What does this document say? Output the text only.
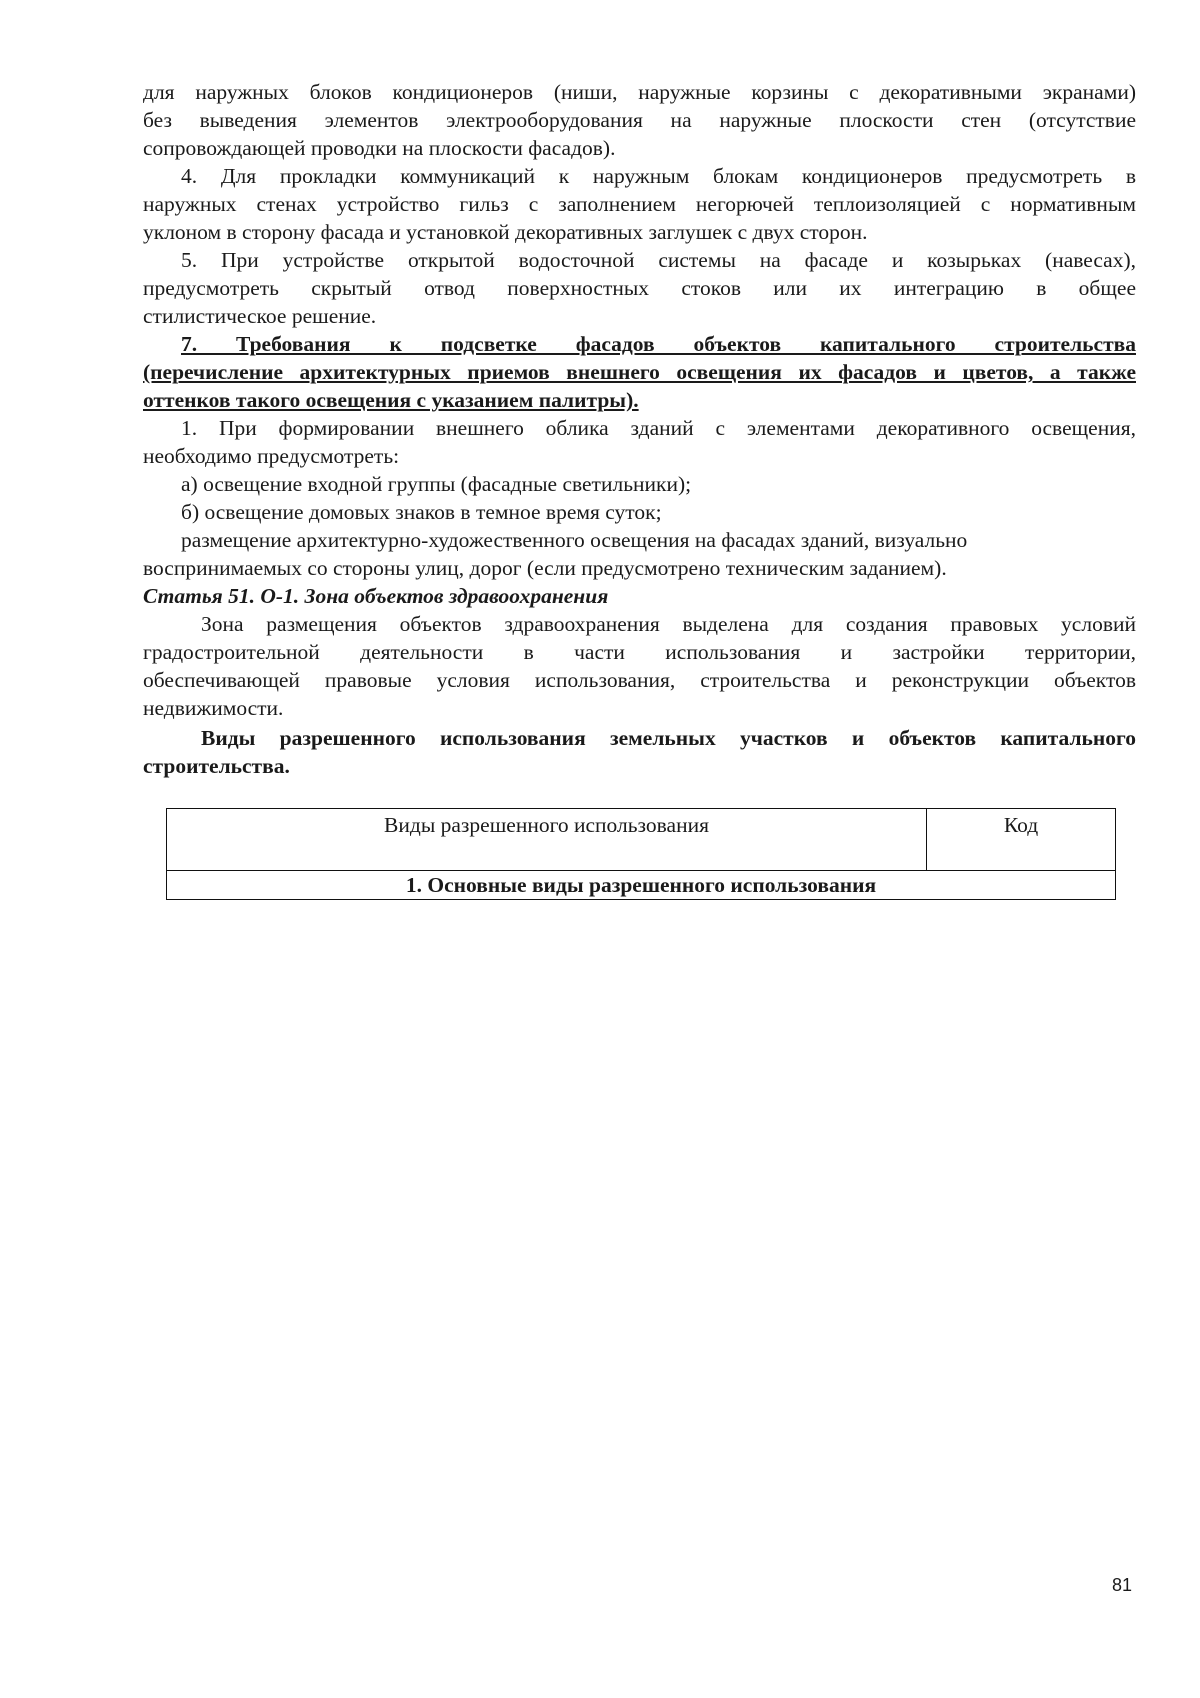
для наружных блоков кондиционеров (ниши, наружные корзины с декоративными экранами)

без выведения элементов электрооборудования на наружные плоскости стен (отсутствие

сопровождающей проводки на плоскости фасадов).

4. Для прокладки коммуникаций к наружным блокам кондиционеров предусмотреть в

наружных стенах устройство гильз с заполнением негорючей теплоизоляцией с нормативным

уклоном в сторону фасада и установкой декоративных заглушек с двух сторон.

5. При устройстве открытой водосточной системы на фасаде и козырьках (навесах),

предусмотреть скрытый отвод поверхностных стоков или их интеграцию в общее

стилистическое решение.

7. Требования к подсветке фасадов объектов капитального строительства

(перечисление архитектурных приемов внешнего освещения их фасадов и цветов, а также

оттенков такого освещения с указанием палитры).

1. При формировании внешнего облика зданий с элементами декоративного освещения,

необходимо предусмотреть:

а) освещение входной группы (фасадные светильники);

б) освещение домовых знаков в темное время суток;

размещение архитектурно-художественного освещения на фасадах зданий, визуально

воспринимаемых со стороны улиц, дорог (если предусмотрено техническим заданием).

Статья 51. О-1. Зона объектов здравоохранения

Зона размещения объектов здравоохранения выделена для создания правовых условий

градостроительной деятельности в части использования и застройки территории,

обеспечивающей правовые условия использования, строительства и реконструкции объектов

недвижимости.

Виды разрешенного использования земельных участков и объектов капитального

строительства.

Виды разрешенного использования	Код
1. Основные виды разрешенного использования
81
